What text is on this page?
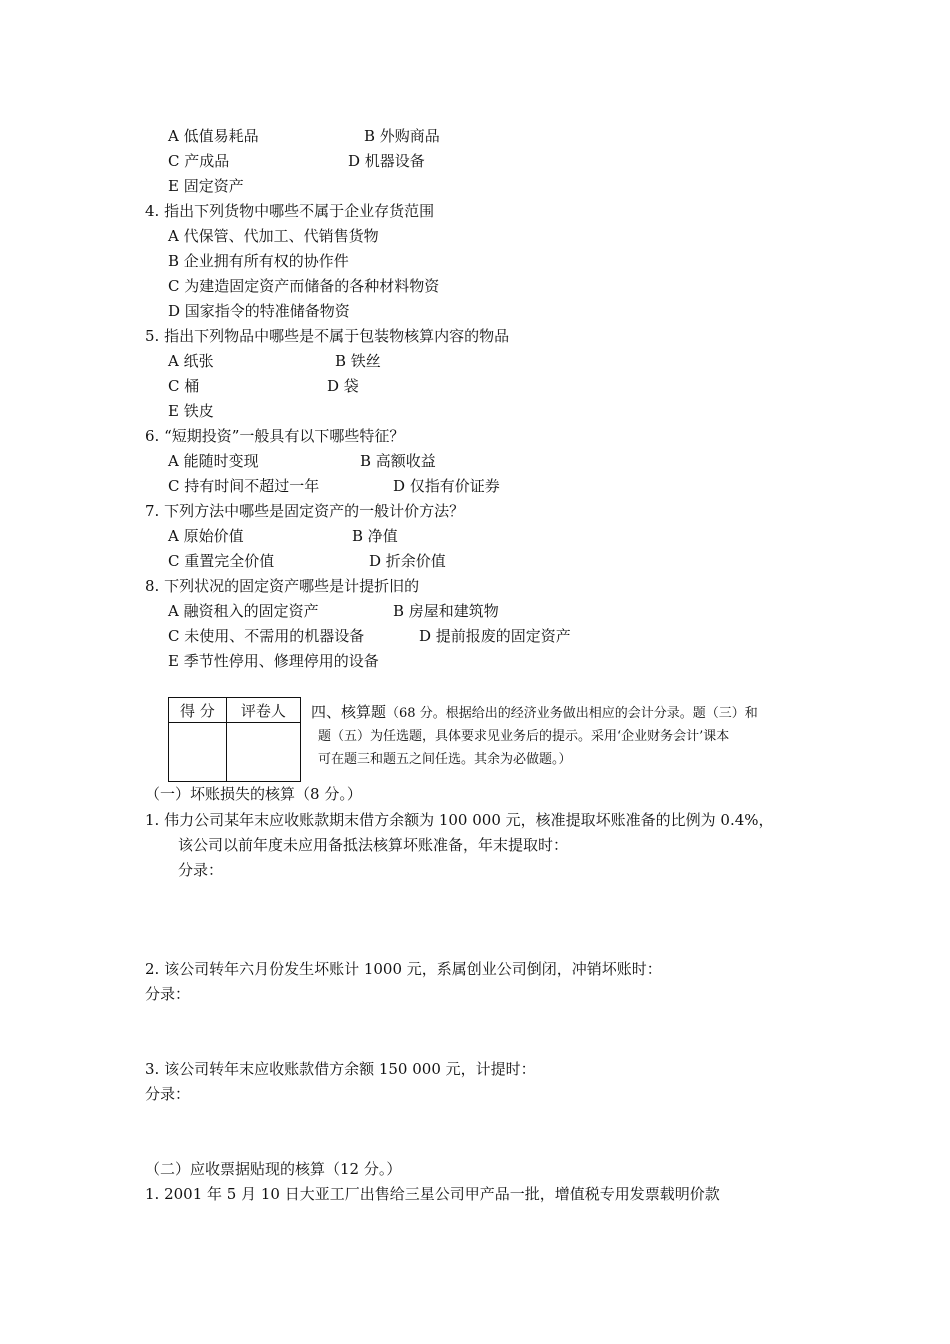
A 低值易耗品	B 外购商品
C 产成品	D 机器设备
E 固定资产
4. 指出下列货物中哪些不属于企业存货范围
A 代保管、代加工、代销售货物
B 企业拥有所有权的协作件
C 为建造固定资产而储备的各种材料物资
D 国家指令的特准储备物资
5. 指出下列物品中哪些是不属于包装物核算内容的物品
A 纸张	B 铁丝
C 桶	D 袋
E 铁皮
6. “短期投资”一般具有以下哪些特征？
A 能随时变现	B 高额收益
C 持有时间不超过一年	D 仅指有价证券
7. 下列方法中哪些是固定资产的一般计价方法？
A 原始价值	B 净值
C 重置完全价值	D 折余价值
8. 下列状况的固定资产哪些是计提折旧的
A 融资租入的固定资产	B 房屋和建筑物
C 未使用、不需用的机器设备	D 提前报废的固定资产
E 季节性停用、修理停用的设备
得 分	评卷人
	四、核算题（68 分。根据给出的经济业务做出相应的会计分录。题（三）和
题（五）为任选题，具体要求见业务后的提示。采用‘企业财务会计’课本
可在题三和题五之间任选。其余为必做题。）
（一）坏账损失的核算（8 分。）
1. 伟力公司某年末应收账款期末借方余额为 100 000 元，核准提取坏账准备的比例为 0.4%，
该公司以前年度未应用备抵法核算坏账准备，年末提取时：
分录：
2. 该公司转年六月份发生坏账计 1000 元，系属创业公司倒闭，冲销坏账时：
分录：
3. 该公司转年末应收账款借方余额 150 000 元，计提时：
分录：
（二）应收票据贴现的核算（12 分。）
1. 2001 年 5 月 10 日大亚工厂出售给三星公司甲产品一批，增值税专用发票载明价款
